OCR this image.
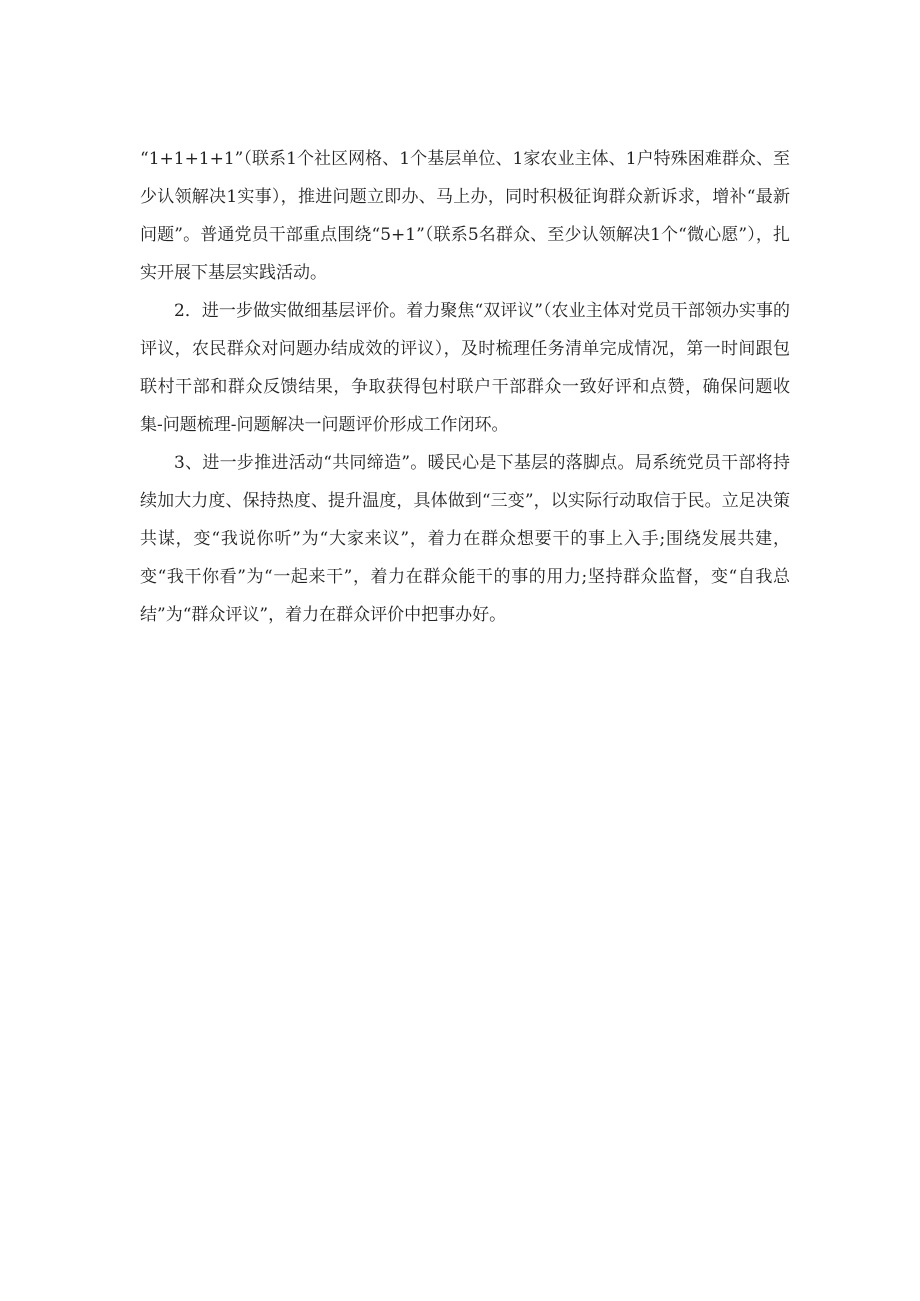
“1+1+1+1”（联系1个社区网格、1个基层单位、1家农业主体、1户特殊困难群众、至少认领解决1实事），推进问题立即办、马上办，同时积极征询群众新诉求，增补“最新问题”。普通党员干部重点围绕“5+1”（联系5名群众、至少认领解决1个“微心愿”），扎实开展下基层实践活动。

2．进一步做实做细基层评价。着力聚焦“双评议”（农业主体对党员干部领办实事的评议，农民群众对问题办结成效的评议），及时梳理任务清单完成情况，第一时间跟包联村干部和群众反馈结果，争取获得包村联户干部群众一致好评和点赞，确保问题收集-问题梳理-问题解决一问题评价形成工作闭环。

3、进一步推进活动“共同缔造”。暖民心是下基层的落脚点。局系统党员干部将持续加大力度、保持热度、提升温度，具体做到“三变”，以实际行动取信于民。立足决策共谋，变“我说你听”为“大家来议”，着力在群众想要干的事上入手;围绕发展共建，变“我干你看”为“一起来干”，着力在群众能干的事的用力;坚持群众监督，变“自我总结”为“群众评议”，着力在群众评价中把事办好。
